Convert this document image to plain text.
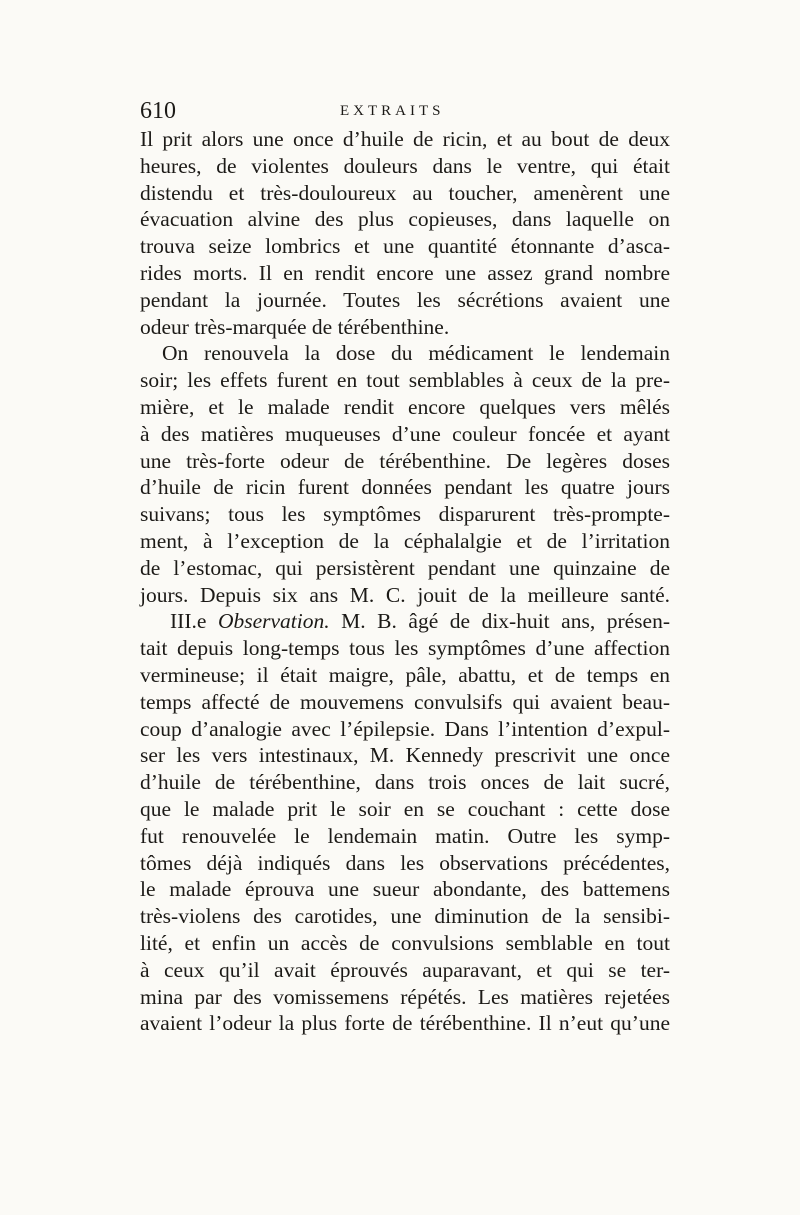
610	EXTRAITS
Il prit alors une once d’huile de ricin, et au bout de deux
heures, de violentes douleurs dans le ventre, qui était
distendu et très-douloureux au toucher, amenèrent une
évacuation alvine des plus copieuses, dans laquelle on
trouva seize lombrics et une quantité étonnante d’asca-
rides morts. Il en rendit encore une assez grand nombre
pendant la journée. Toutes les sécrétions avaient une
odeur très-marquée de térébenthine.
On renouvela la dose du médicament le lendemain
soir; les effets furent en tout semblables à ceux de la pre-
mière, et le malade rendit encore quelques vers mêlés
à des matières muqueuses d’une couleur foncée et ayant
une très-forte odeur de térébenthine. De legères doses
d’huile de ricin furent données pendant les quatre jours
suivans; tous les symptômes disparurent très-prompte-
ment, à l’exception de la céphalalgie et de l’irritation
de l’estomac, qui persistèrent pendant une quinzaine de
jours. Depuis six ans M. C. jouit de la meilleure santé.
III.e Observation. M. B. âgé de dix-huit ans, présen-
tait depuis long-temps tous les symptômes d’une affection
vermineuse; il était maigre, pâle, abattu, et de temps en
temps affecté de mouvemens convulsifs qui avaient beau-
coup d’analogie avec l’épilepsie. Dans l’intention d’expul-
ser les vers intestinaux, M. Kennedy prescrivit une once
d’huile de térébenthine, dans trois onces de lait sucré,
que le malade prit le soir en se couchant : cette dose
fut renouvelée le lendemain matin. Outre les symp-
tômes déjà indiqués dans les observations précédentes,
le malade éprouva une sueur abondante, des battemens
très-violens des carotides, une diminution de la sensibi-
lité, et enfin un accès de convulsions semblable en tout
à ceux qu’il avait éprouvés auparavant, et qui se ter-
mina par des vomissemens répétés. Les matières rejetées
avaient l’odeur la plus forte de térébenthine. Il n’eut qu’une
